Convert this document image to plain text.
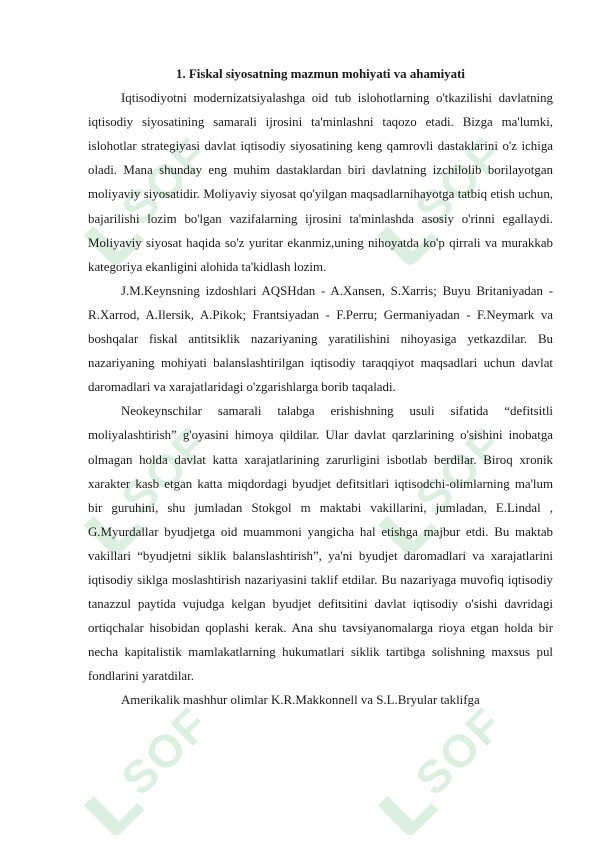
SOF	SOF
SOF	SOF
SOF	SOF
1. Fiskal siyosatning mazmun mohiyati va ahamiyati

Iqtisodiyotni modernizatsiyalashga oid tub islohotlarning o'tkazilishi davlatning iqtisodiy siyosatining samarali ijrosini ta'minlashni taqozo etadi. Bizga ma'lumki, islohotlar strategiyasi davlat iqtisodiy siyosatining keng qamrovli dastaklarini o'z ichiga oladi. Mana shunday eng muhim dastaklardan biri davlatning izchilolib borilayotgan moliyaviy siyosatidir. Moliyaviy siyosat qo'yilgan maqsadlarnihayotga tatbiq etish uchun, bajarilishi lozim bo'lgan vazifalarning ijrosini ta'minlashda asosiy o'rinni egallaydi. Moliyaviy siyosat haqida so'z yuritar ekanmiz,uning nihoyatda ko'p qirrali va murakkab kategoriya ekanligini alohida ta'kidlash lozim.

J.M.Keynsning izdoshlari AQSHdan - A.Xansen, S.Xarris; Buyu Britaniyadan - R.Xarrod, A.Ilersik, A.Pikok; Frantsiyadan - F.Perru; Germaniyadan - F.Neymark va boshqalar fiskal antitsiklik nazariyaning yaratilishini nihoyasiga yetkazdilar. Bu nazariyaning mohiyati balanslashtirilgan iqtisodiy taraqqiyot maqsadlari uchun davlat daromadlari va xarajatlaridagi o'zgarishlarga borib taqaladi.

Neokeynschilar samarali talabga erishishning usuli sifatida “defitsitli moliyalashtirish” g'oyasini himoya qildilar. Ular davlat qarzlarining o'sishini inobatga olmagan holda davlat katta xarajatlarining zarurligini isbotlab berdilar. Biroq xronik xarakter kasb etgan katta miqdordagi byudjet defitsitlari iqtisodchi-olimlarning ma'lum bir guruhini, shu jumladan Stokgol m maktabi vakillarini, jumladan, E.Lindal , G.Myurdallar byudjetga oid muammoni yangicha hal etishga majbur etdi. Bu maktab vakillari “byudjetni siklik balanslashtirish”, ya'ni byudjet daromadlari va xarajatlarini iqtisodiy siklga moslashtirish nazariyasini taklif etdilar. Bu nazariyaga muvofiq iqtisodiy tanazzul paytida vujudga kelgan byudjet defitsitini davlat iqtisodiy o'sishi davridagi ortiqchalar hisobidan qoplashi kerak. Ana shu tavsiyanomalarga rioya etgan holda bir necha kapitalistik mamlakatlarning hukumatlari siklik tartibga solishning maxsus pul fondlarini yaratdilar.

Amerikalik mashhur olimlar K.R.Makkonnell va S.L.Bryular taklifga
